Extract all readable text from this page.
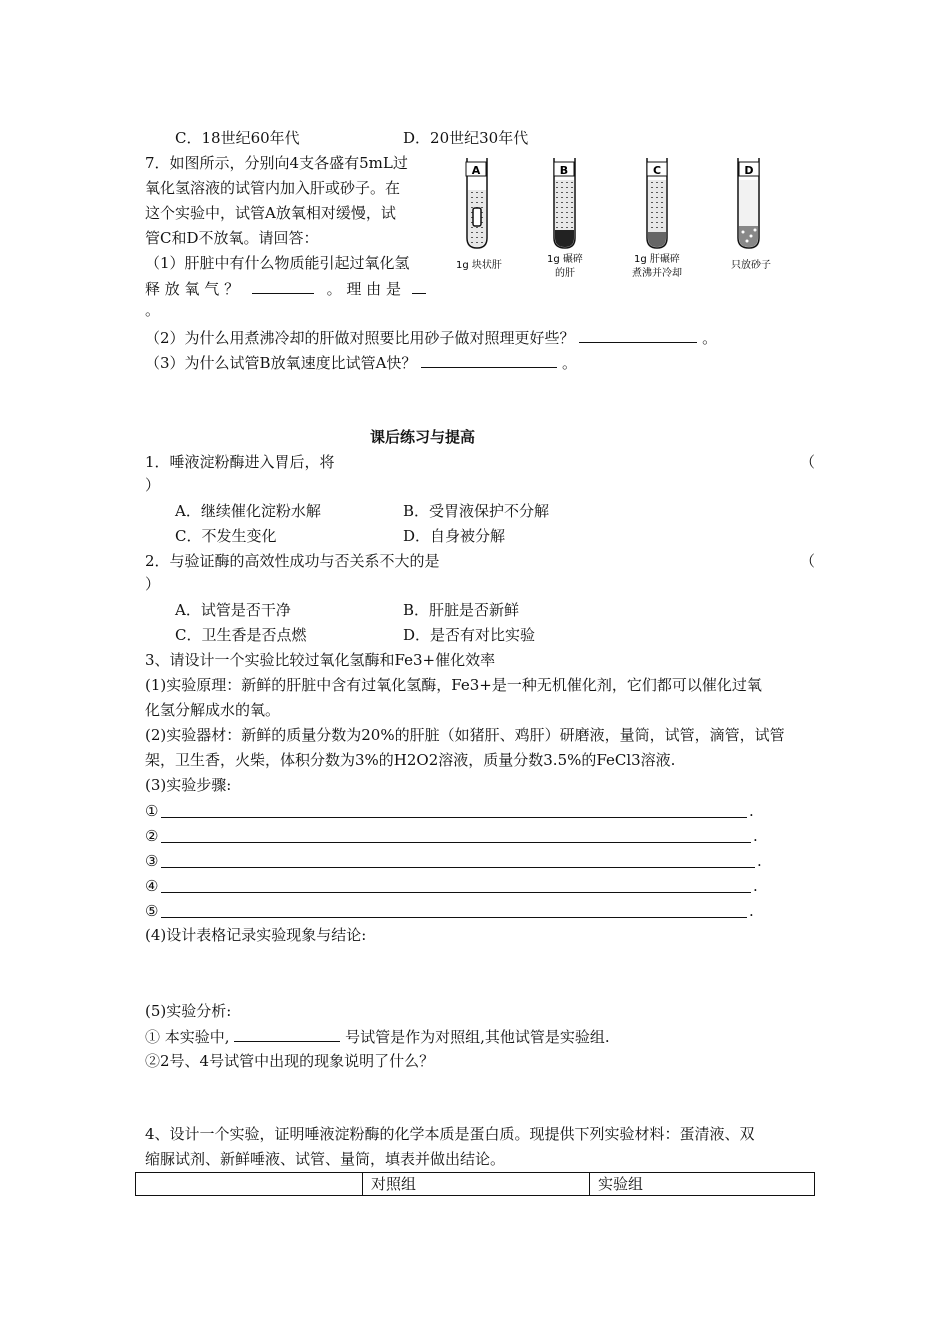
C．18世纪60年代	D．20世纪30年代
7．如图所示，分别向4支各盛有5mL过
氧化氢溶液的试管内加入肝或砂子。在
这个实验中，试管A放氧相对缓慢，试
管C和D不放氧。请回答：
（1）肝脏中有什么物质能引起过氧化氢
释 放 氧 气 ？	。 理 由 是
。
A
1g 块状肝
B
1g 碾碎
的肝
C
1g 肝碾碎
煮沸并冷却
D
只放砂子
（2）为什么用煮沸冷却的肝做对照要比用砂子做对照理更好些？	。
（3）为什么试管B放氧速度比试管A快？	。
课后练习与提高
1．唾液淀粉酶进入胃后，将	（
）
A．继续催化淀粉水解	B．受胃液保护不分解
C．不发生变化	D．自身被分解
2．与验证酶的高效性成功与否关系不大的是	（
）
A．试管是否干净	B．肝脏是否新鲜
C．卫生香是否点燃	D．是否有对比实验
3、请设计一个实验比较过氧化氢酶和Fe3+催化效率
(1)实验原理：新鲜的肝脏中含有过氧化氢酶，Fe3+是一种无机催化剂，它们都可以催化过氧
化氢分解成水的氧。
(2)实验器材：新鲜的质量分数为20%的肝脏（如猪肝、鸡肝）研磨液，量筒，试管，滴管，试管
架，卫生香，火柴，体积分数为3%的H2O2溶液，质量分数3.5%的FeCl3溶液.
(3)实验步骤:
①	.
②	.
③	.
④	.
⑤	.
(4)设计表格记录实验现象与结论:
(5)实验分析:
① 本实验中,	号试管是作为对照组,其他试管是实验组.
②2号、4号试管中出现的现象说明了什么？
4、设计一个实验，证明唾液淀粉酶的化学本质是蛋白质。现提供下列实验材料：蛋清液、双
缩脲试剂、新鲜唾液、试管、量筒，填表并做出结论。
	对照组	实验组
